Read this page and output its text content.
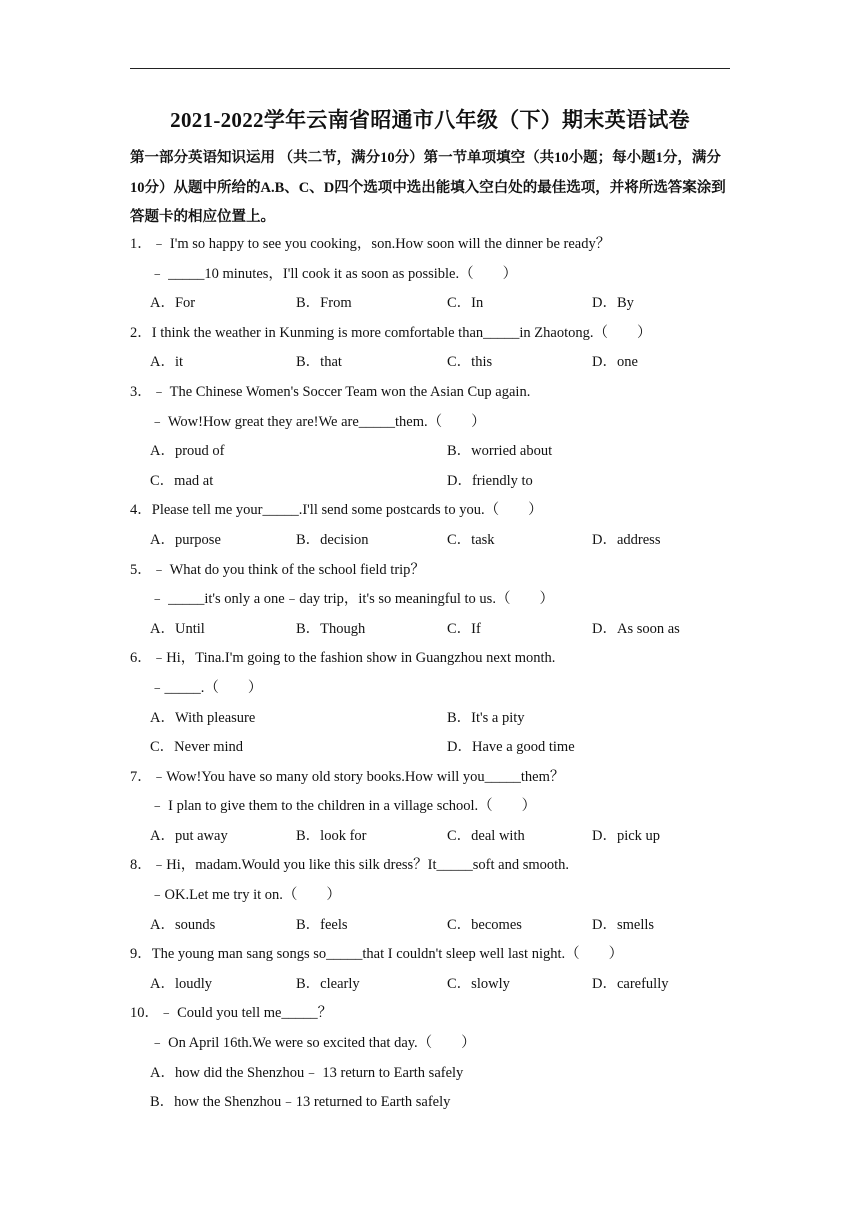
2021-2022学年云南省昭通市八年级（下）期末英语试卷
第一部分英语知识运用 （共二节，满分10分）第一节单项填空（共10小题；每小题1分，满分10分）从题中所给的A.B、C、D四个选项中选出能填入空白处的最佳选项，并将所选答案涂到答题卡的相应位置上。
1．﹣ I'm so happy to see you cooking，son.How soon will the dinner be ready？
﹣ _____10 minutes，I'll cook it as soon as possible.（　　）
A．For	B．From	C．In	D．By
2．I think the weather in Kunming is more comfortable than_____in Zhaotong.（　　）
A．it	B．that	C．this	D．one
3．﹣ The Chinese Women's Soccer Team won the Asian Cup again.
﹣ Wow!How great they are!We are_____them.（　　）
A．proud of	B．worried about
C．mad at	D．friendly to
4．Please tell me your_____.I'll send some postcards to you.（　　）
A．purpose	B．decision	C．task	D．address
5．﹣ What do you think of the school field trip？
﹣ _____it's only a one﹣day trip，it's so meaningful to us.（　　）
A．Until	B．Though	C．If	D．As soon as
6．﹣Hi，Tina.I'm going to the fashion show in Guangzhou next month.
﹣_____.（　　）
A．With pleasure	B．It's a pity
C．Never mind	D．Have a good time
7．﹣Wow!You have so many old story books.How will you_____them？
﹣ I plan to give them to the children in a village school.（　　）
A．put away	B．look for	C．deal with	D．pick up
8．﹣Hi，madam.Would you like this silk dress？It_____soft and smooth.
﹣OK.Let me try it on.（　　）
A．sounds	B．feels	C．becomes	D．smells
9．The young man sang songs so_____that I couldn't sleep well last night.（　　）
A．loudly	B．clearly	C．slowly	D．carefully
10．﹣ Could you tell me_____？
﹣ On April 16th.We were so excited that day.（　　）
A．how did the Shenzhou﹣ 13 return to Earth safely
B．how the Shenzhou﹣13 returned to Earth safely
